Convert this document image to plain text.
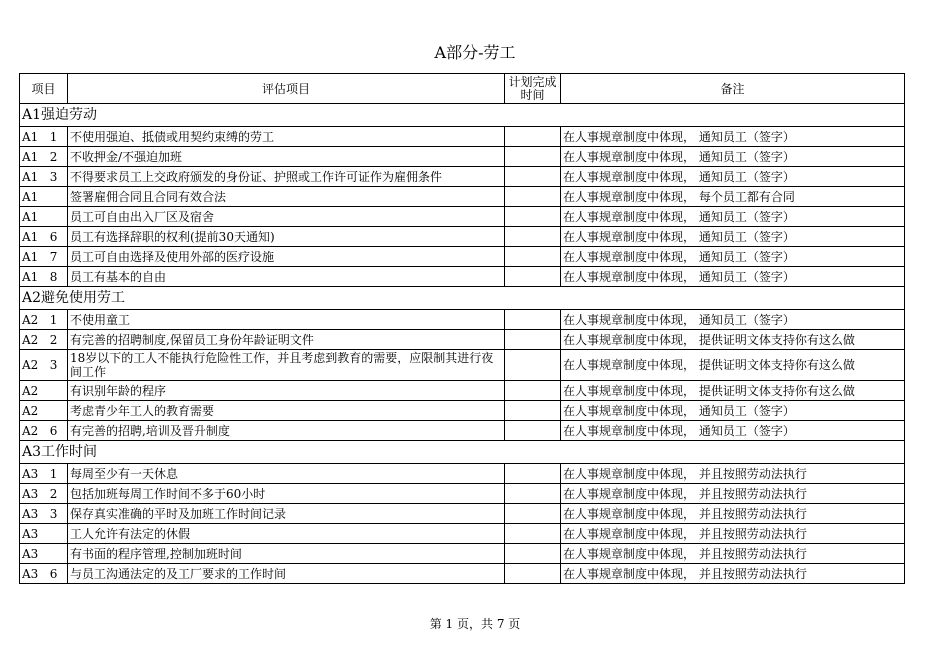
A部分-劳工
项目	评估项目	计划完成时间	备注
A1强迫劳动			
A1   1	不使用强迫、抵债或用契约束缚的劳工		在人事规章制度中体现， 通知员工（签字）
A1   2	不收押金/不强迫加班		在人事规章制度中体现， 通知员工（签字）
A1   3	不得要求员工上交政府颁发的身份证、护照或工作许可证作为雇佣条件		在人事规章制度中体现， 通知员工（签字）
A1	签署雇佣合同且合同有效合法		在人事规章制度中体现， 每个员工都有合同
A1	员工可自由出入厂区及宿舍		在人事规章制度中体现， 通知员工（签字）
A1   6	员工有选择辞职的权利(提前30天通知)		在人事规章制度中体现， 通知员工（签字）
A1   7	员工可自由选择及使用外部的医疗设施		在人事规章制度中体现， 通知员工（签字）
A1   8	员工有基本的自由		在人事规章制度中体现， 通知员工（签字）
A2避免使用劳工			
A2   1	不使用童工		在人事规章制度中体现， 通知员工（签字）
A2   2	有完善的招聘制度,保留员工身份年龄证明文件		在人事规章制度中体现， 提供证明文体支持你有这么做
A2   3	18岁以下的工人不能执行危险性工作，并且考虑到教育的需要，应限制其进行夜间工作		在人事规章制度中体现， 提供证明文体支持你有这么做
A2	有识别年龄的程序		在人事规章制度中体现， 提供证明文体支持你有这么做
A2	考虑青少年工人的教育需要		在人事规章制度中体现， 通知员工（签字）
A2   6	有完善的招聘,培训及晋升制度		在人事规章制度中体现， 通知员工（签字）
A3工作时间			
A3   1	每周至少有一天休息		在人事规章制度中体现， 并且按照劳动法执行
A3   2	包括加班每周工作时间不多于60小时		在人事规章制度中体现， 并且按照劳动法执行
A3   3	保存真实准确的平时及加班工作时间记录		在人事规章制度中体现， 并且按照劳动法执行
A3	工人允许有法定的休假		在人事规章制度中体现， 并且按照劳动法执行
A3	有书面的程序管理,控制加班时间		在人事规章制度中体现， 并且按照劳动法执行
A3   6	与员工沟通法定的及工厂要求的工作时间		在人事规章制度中体现， 并且按照劳动法执行
第 1 页，共 7 页
